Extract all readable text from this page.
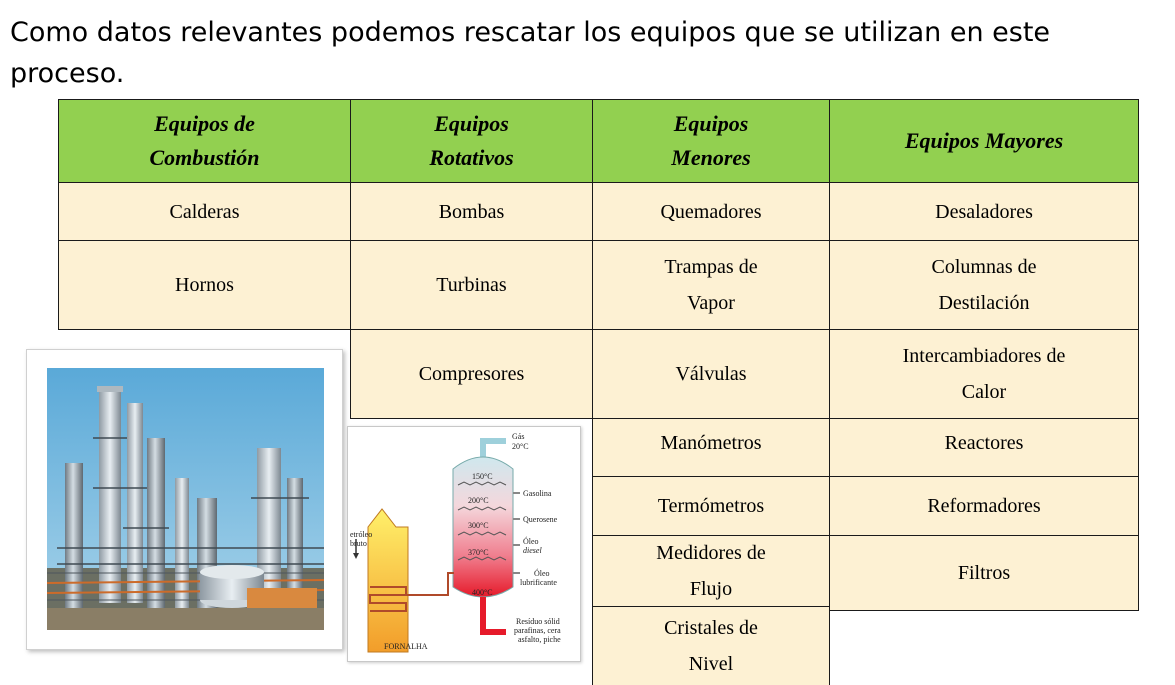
Como datos relevantes podemos rescatar los equipos que se utilizan en este proceso.

Equipos de
Combustión
Equipos
Rotativos
Equipos
Menores
Equipos Mayores
Calderas
Hornos
Bombas
Turbinas
Compresores
Quemadores
Trampas de
Vapor
Válvulas
Manómetros
Termómetros
Medidores de
Flujo
Cristales de
Nivel
Desaladores
Columnas de
Destilación
Intercambiadores de
Calor
Reactores
Reformadores
Filtros
Gás
20°C
150°C
200°C
300°C
370°C
400°C
Gasolina
Querosene
Óleo
diesel
Óleo
lubrificante
Resíduo sólid
parafinas, cera
asfalto, piche
etróleo
bruto
FORNALHA
